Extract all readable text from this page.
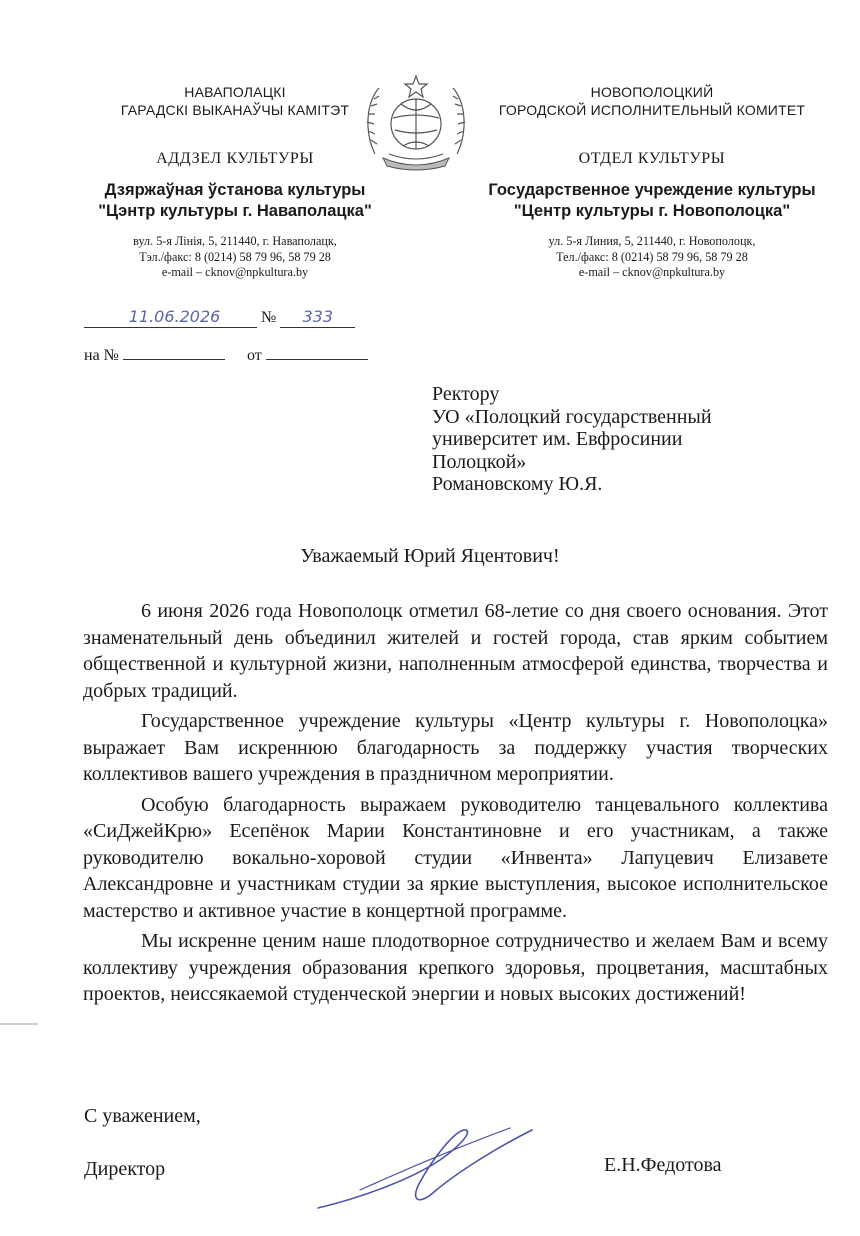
НАВАПОЛАЦКІ
ГАРАДСКІ ВЫКАНАЎЧЫ КАМІТЭТ
АДДЗЕЛ КУЛЬТУРЫ
Дзяржаўная ўстанова культуры
"Цэнтр культуры г. Наваполацка"
вул. 5-я Лінія, 5, 211440, г. Наваполацк,
Тэл./факс: 8 (0214) 58 79 96, 58 79 28
e-mail – cknov@npkultura.by
НОВОПОЛОЦКИЙ
ГОРОДСКОЙ ИСПОЛНИТЕЛЬНЫЙ КОМИТЕТ
ОТДЕЛ КУЛЬТУРЫ
Государственное учреждение культуры
"Центр культуры г. Новополоцка"
ул. 5-я Линия, 5, 211440, г. Новополоцк,
Тел./факс: 8 (0214) 58 79 96, 58 79 28
e-mail – cknov@npkultura.by
11.06.2026	№ 333
на №	от
Ректору
УО «Полоцкий государственный
университет им. Евфросинии
Полоцкой»
Романовскому Ю.Я.
Уважаемый Юрий Яцентович!

6 июня 2026 года Новополоцк отметил 68-летие со дня своего основания. Этот знаменательный день объединил жителей и гостей города, став ярким событием общественной и культурной жизни, наполненным атмосферой единства, творчества и добрых традиций.

Государственное учреждение культуры «Центр культуры г. Новополоцка» выражает Вам искреннюю благодарность за поддержку участия творческих коллективов вашего учреждения в праздничном мероприятии.

Особую благодарность выражаем руководителю танцевального коллектива «СиДжейКрю» Есепёнок Марии Константиновне и его участникам, а также руководителю вокально-хоровой студии «Инвента» Лапуцевич Елизавете Александровне и участникам студии за яркие выступления, высокое исполнительское мастерство и активное участие в концертной программе.

Мы искренне ценим наше плодотворное сотрудничество и желаем Вам и всему коллективу учреждения образования крепкого здоровья, процветания, масштабных проектов, неиссякаемой студенческой энергии и новых высоких достижений!

С уважением,
Директор	Е.Н.Федотова
